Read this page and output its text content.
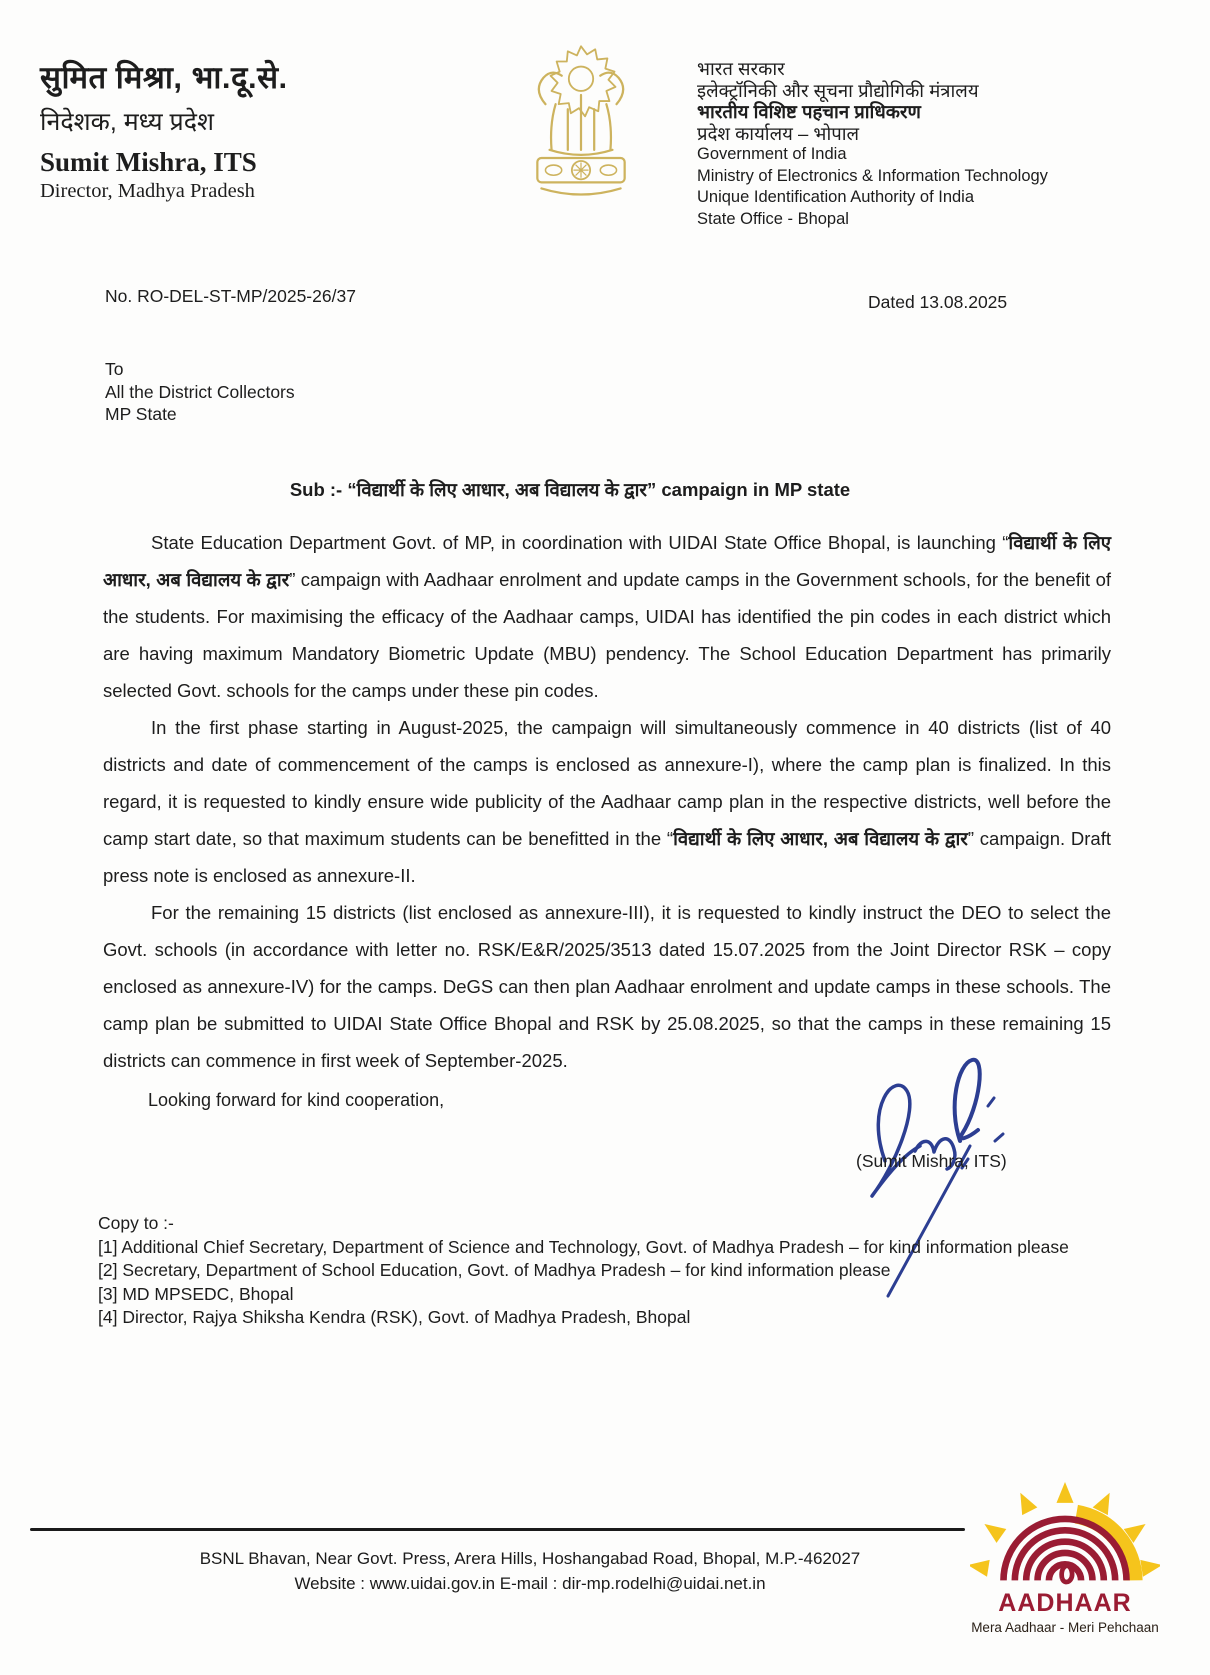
सुमित मिश्रा, भा.दू.से.
निदेशक, मध्य प्रदेश
Sumit Mishra, ITS
Director, Madhya Pradesh
भारत सरकार
इलेक्ट्रॉनिकी और सूचना प्रौद्योगिकी मंत्रालय
भारतीय विशिष्ट पहचान प्राधिकरण
प्रदेश कार्यालय – भोपाल
Government of India
Ministry of Electronics & Information Technology
Unique Identification Authority of India
State Office - Bhopal
No. RO-DEL-ST-MP/2025-26/37	Dated 13.08.2025
To
All the District Collectors
MP State
Sub :- “विद्यार्थी के लिए आधार, अब विद्यालय के द्वार” campaign in MP state

State Education Department Govt. of MP, in coordination with UIDAI State Office Bhopal, is launching “विद्यार्थी के लिए आधार, अब विद्यालय के द्वार” campaign with Aadhaar enrolment and update camps in the Government schools, for the benefit of the students. For maximising the efficacy of the Aadhaar camps, UIDAI has identified the pin codes in each district which are having maximum Mandatory Biometric Update (MBU) pendency. The School Education Department has primarily selected Govt. schools for the camps under these pin codes.

In the first phase starting in August-2025, the campaign will simultaneously commence in 40 districts (list of 40 districts and date of commencement of the camps is enclosed as annexure-I), where the camp plan is finalized. In this regard, it is requested to kindly ensure wide publicity of the Aadhaar camp plan in the respective districts, well before the camp start date, so that maximum students can be benefitted in the “विद्यार्थी के लिए आधार, अब विद्यालय के द्वार” campaign. Draft press note is enclosed as annexure-II.

For the remaining 15 districts (list enclosed as annexure-III), it is requested to kindly instruct the DEO to select the Govt. schools (in accordance with letter no. RSK/E&R/2025/3513 dated 15.07.2025 from the Joint Director RSK – copy enclosed as annexure-IV) for the camps. DeGS can then plan Aadhaar enrolment and update camps in these schools. The camp plan be submitted to UIDAI State Office Bhopal and RSK by 25.08.2025, so that the camps in these remaining 15 districts can commence in first week of September-2025.

Looking forward for kind cooperation,
(Sumit Mishra, ITS)
Copy to :-
[1] Additional Chief Secretary, Department of Science and Technology, Govt. of Madhya Pradesh – for kind information please
[2] Secretary, Department of School Education, Govt. of Madhya Pradesh – for kind information please
[3] MD MPSEDC, Bhopal
[4] Director, Rajya Shiksha Kendra (RSK), Govt. of Madhya Pradesh, Bhopal
BSNL Bhavan, Near Govt. Press, Arera Hills, Hoshangabad Road, Bhopal, M.P.-462027
Website : www.uidai.gov.in E-mail : dir-mp.rodelhi@uidai.net.in
AADHAAR
Mera Aadhaar - Meri Pehchaan
